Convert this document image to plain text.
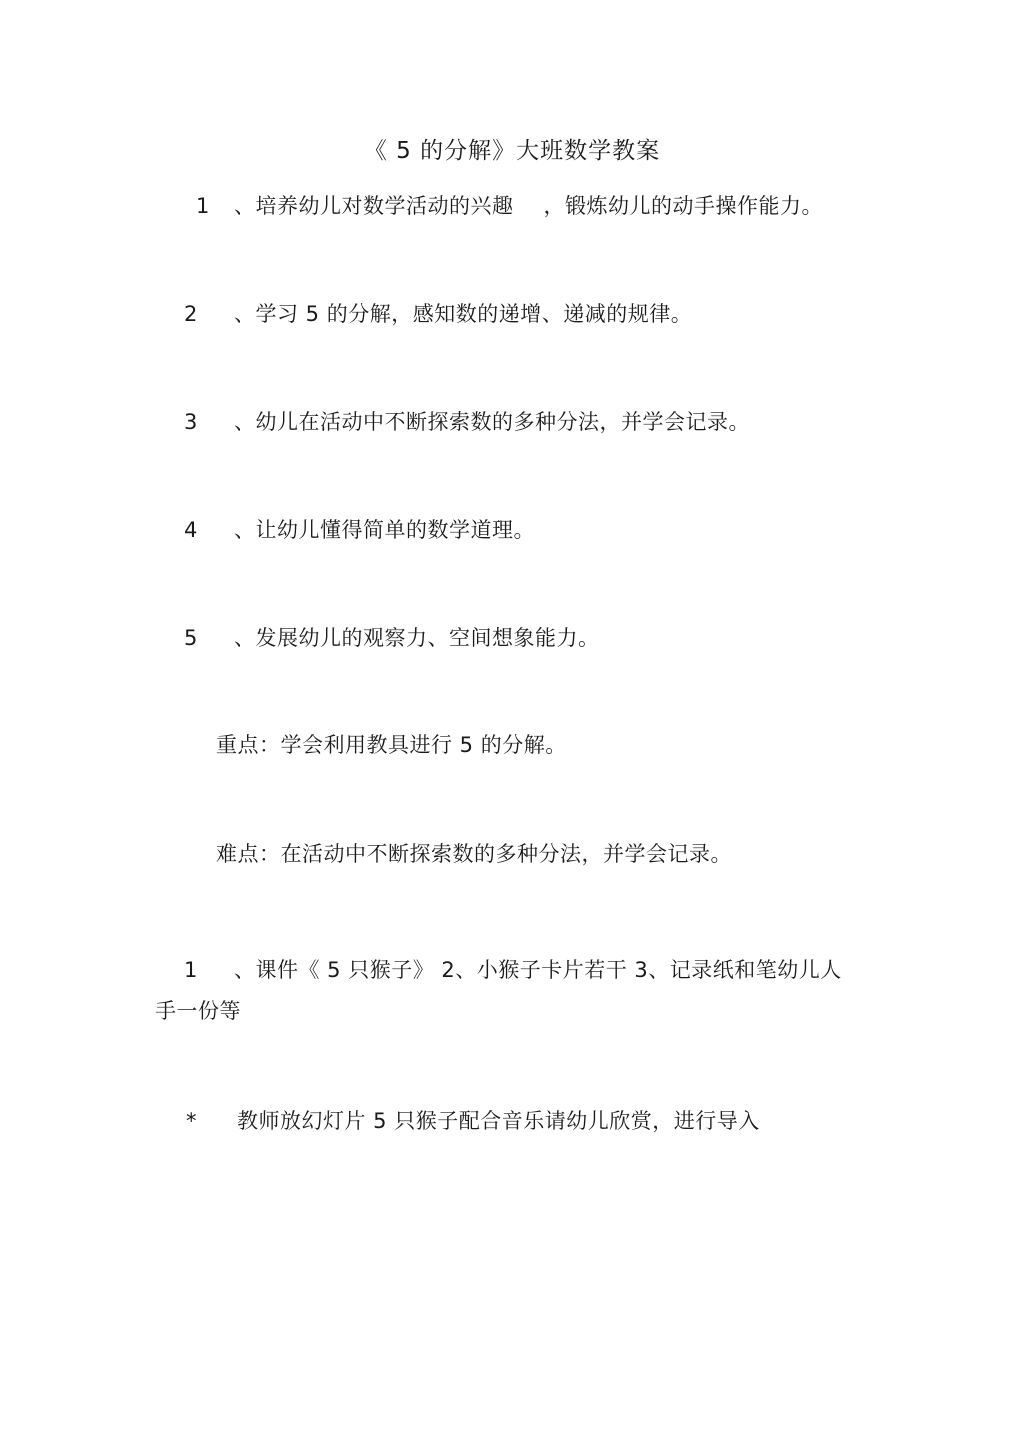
《 5 的分解》大班数学教案
1 、培养幼儿对数学活动的兴趣 ，锻炼幼儿的动手操作能力。
2 、学习 5 的分解，感知数的递增、递减的规律。
3 、幼儿在活动中不断探索数的多种分法，并学会记录。
4 、让幼儿懂得简单的数学道理。
5 、发展幼儿的观察力、空间想象能力。
重点：学会利用教具进行 5 的分解。
难点：在活动中不断探索数的多种分法，并学会记录。
1 、课件《 5 只猴子》 2、小猴子卡片若干 3、记录纸和笔幼儿人
手一份等
* 教师放幻灯片 5 只猴子配合音乐请幼儿欣赏，进行导入
